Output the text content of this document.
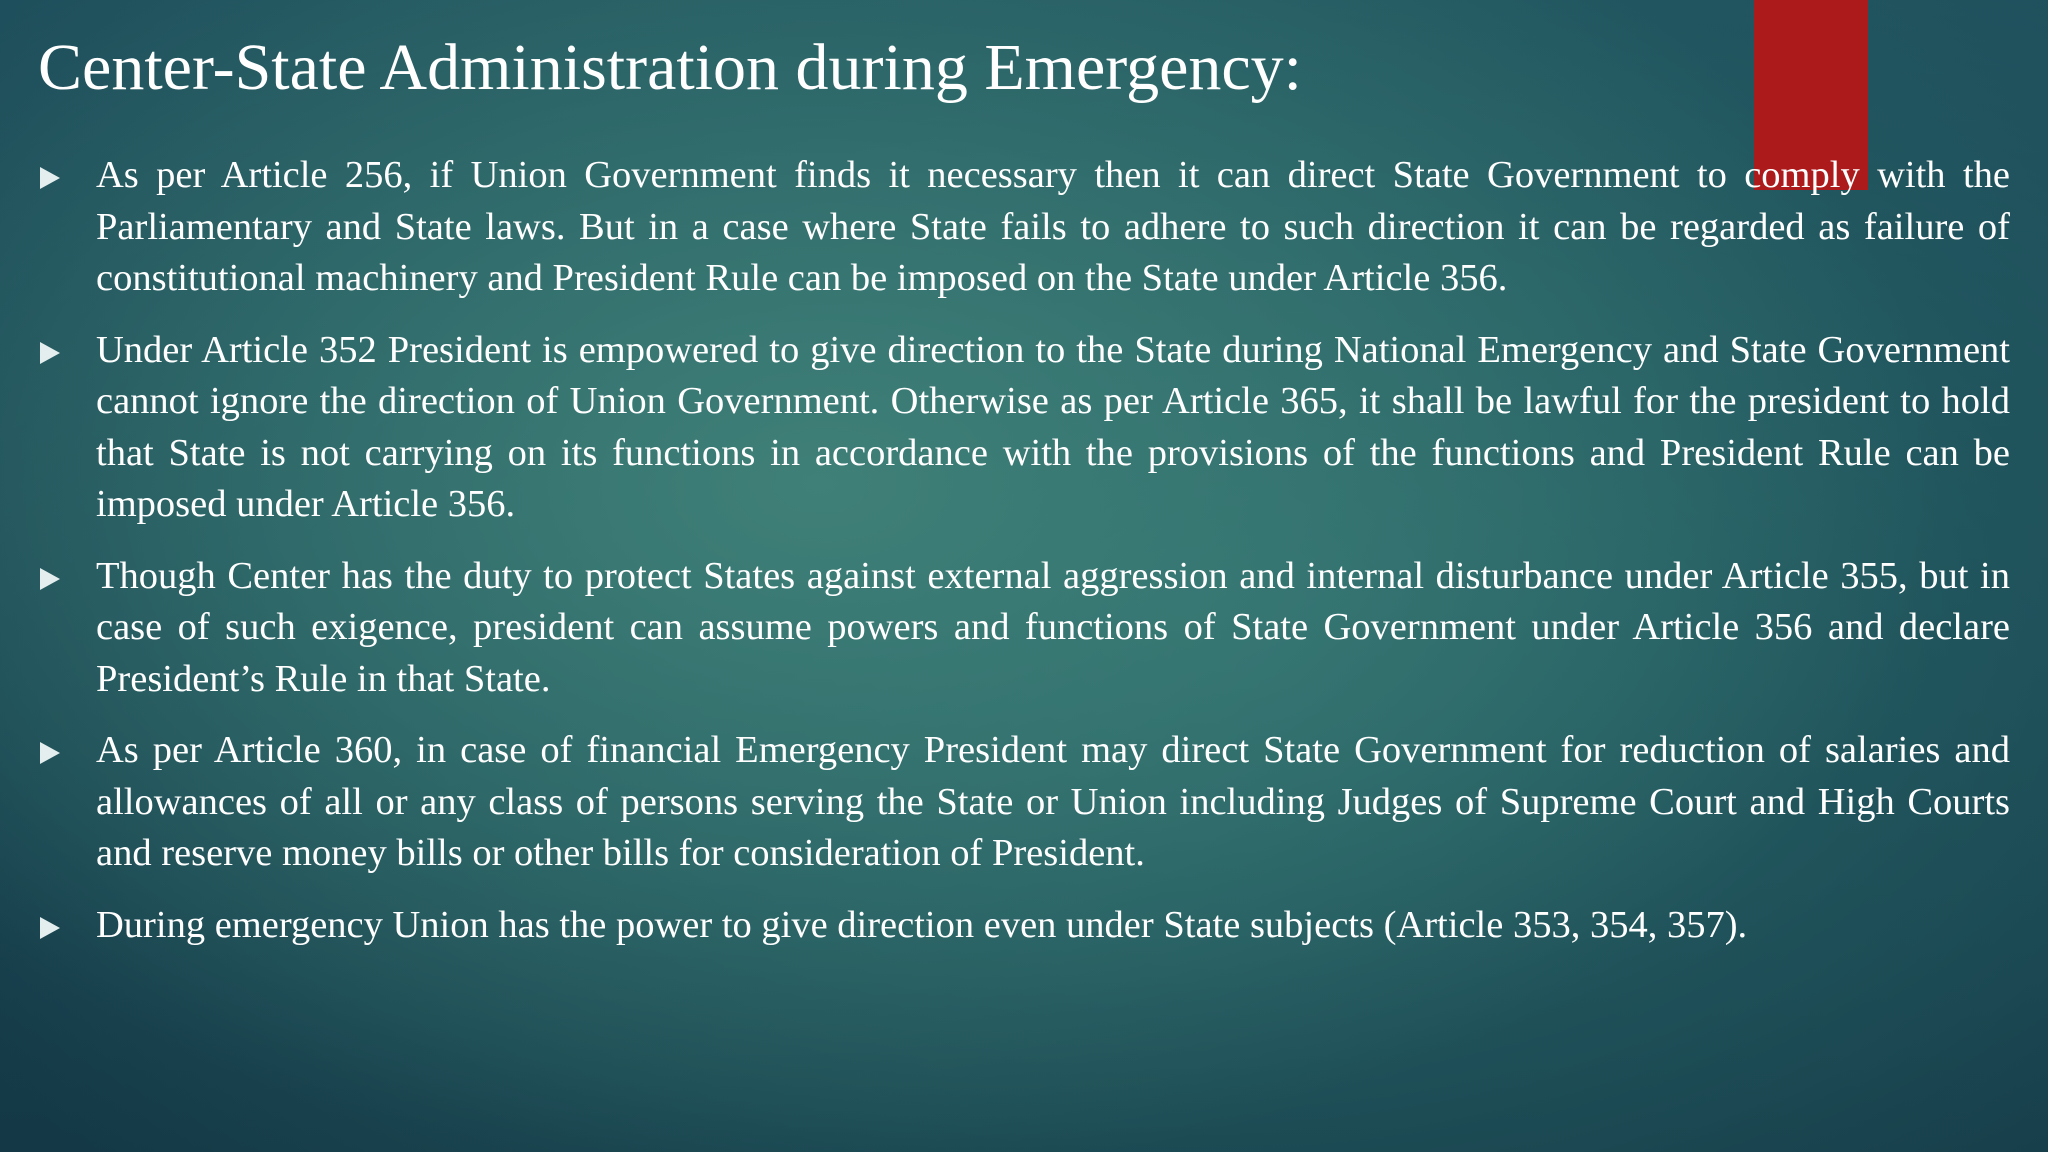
Center-State Administration during Emergency:
As per Article 256, if Union Government finds it necessary then it can direct State Government to comply with the Parliamentary and State laws. But in a case where State fails to adhere to such direction it can be regarded as failure of constitutional machinery and President Rule can be imposed on the State under Article 356.
Under Article 352 President is empowered to give direction to the State during National Emergency and State Government cannot ignore the direction of Union Government. Otherwise as per Article 365, it shall be lawful for the president to hold that State is not carrying on its functions in accordance with the provisions of the functions and President Rule can be imposed under Article 356.
Though Center has the duty to protect States against external aggression and internal disturbance under Article 355, but in case of such exigence, president can assume powers and functions of State Government under Article 356 and declare President’s Rule in that State.
As per Article 360, in case of financial Emergency President may direct State Government for reduction of salaries and allowances of all or any class of persons serving the State or Union including Judges of Supreme Court and High Courts and reserve money bills or other bills for consideration of President.
During emergency Union has the power to give direction even under State subjects (Article 353, 354, 357).
